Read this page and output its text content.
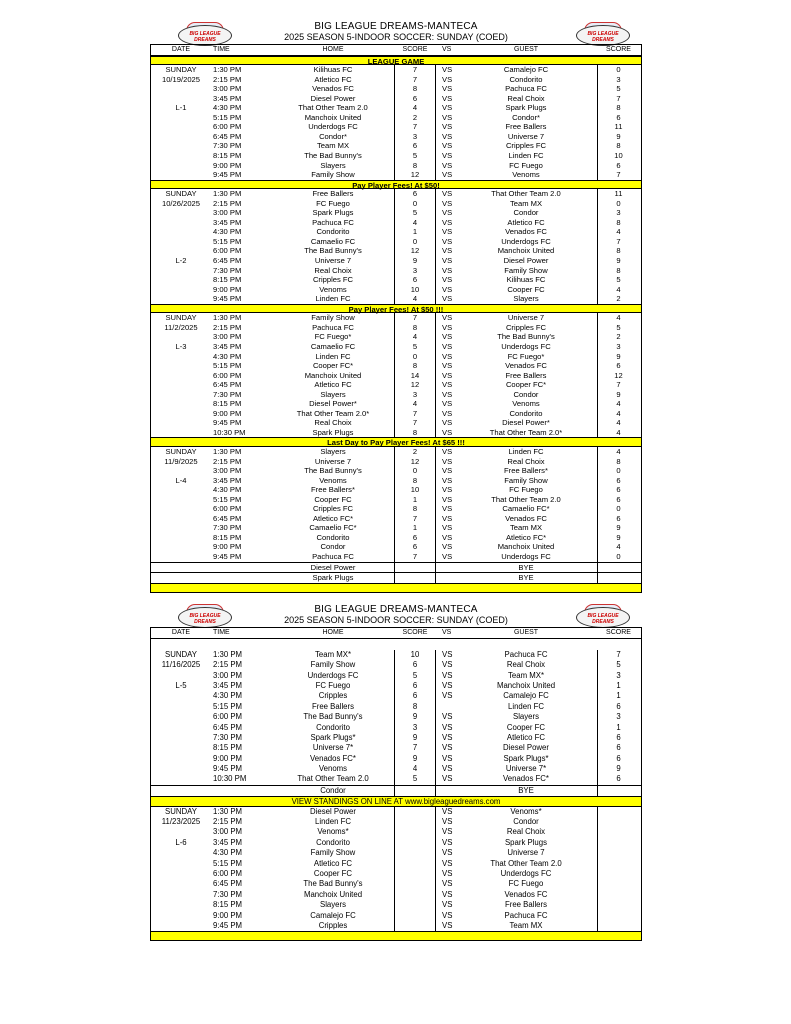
BIG LEAGUE DREAMS
BIG LEAGUE DREAMS
BIG LEAGUE DREAMS-MANTECA
2025 SEASON 5-INDOOR SOCCER: SUNDAY (COED)
DATE	TIME	HOME	SCORE	VS	GUEST	SCORE
LEAGUE GAME
SUNDAY	1:30 PM	Kilihuas FC	7	VS	Camalejo FC	0
10/19/2025	2:15 PM	Atletico FC	7	VS	Condorito	3
3:00 PM	Venados FC	8	VS	Pachuca FC	5
3:45 PM	Diesel Power	6	VS	Real Choix	7
L-1	4:30 PM	That Other Team 2.0	4	VS	Spark Plugs	8
5:15 PM	Manchoix United	2	VS	Condor*	6
6:00 PM	Underdogs FC	7	VS	Free Ballers	11
6:45 PM	Condor*	3	VS	Universe 7	9
7:30 PM	Team MX	6	VS	Cripples FC	8
8:15 PM	The Bad Bunny's	5	VS	Linden FC	10
9:00 PM	Slayers	8	VS	FC Fuego	6
9:45 PM	Family Show	12	VS	Venoms	7
Pay Player Fees! At $50!
SUNDAY	1:30 PM	Free Ballers	6	VS	That Other Team 2.0	11
10/26/2025	2:15 PM	FC Fuego	0	VS	Team MX	0
3:00 PM	Spark Plugs	5	VS	Condor	3
3:45 PM	Pachuca FC	4	VS	Atletico FC	8
4:30 PM	Condorito	1	VS	Venados FC	4
5:15 PM	Camaelio FC	0	VS	Underdogs FC	7
6:00 PM	The Bad Bunny's	12	VS	Manchoix United	8
L-2	6:45 PM	Universe 7	9	VS	Diesel Power	9
7:30 PM	Real Choix	3	VS	Family Show	8
8:15 PM	Cripples FC	6	VS	Kilihuas FC	5
9:00 PM	Venoms	10	VS	Cooper FC	4
9:45 PM	Linden FC	4	VS	Slayers	2
Pay Player Fees! At $50 !!!
SUNDAY	1:30 PM	Family Show	7	VS	Universe 7	4
11/2/2025	2:15 PM	Pachuca FC	8	VS	Cripples FC	5
3:00 PM	FC Fuego*	4	VS	The Bad Bunny's	2
L-3	3:45 PM	Camaelio FC	5	VS	Underdogs FC	3
4:30 PM	Linden FC	0	VS	FC Fuego*	9
5:15 PM	Cooper FC*	8	VS	Venados FC	6
6:00 PM	Manchoix United	14	VS	Free Ballers	12
6:45 PM	Atletico FC	12	VS	Cooper FC*	7
7:30 PM	Slayers	3	VS	Condor	9
8:15 PM	Diesel Power*	4	VS	Venoms	4
9:00 PM	That Other Team 2.0*	7	VS	Condorito	4
9:45 PM	Real Choix	7	VS	Diesel Power*	4
10:30 PM	Spark Plugs	8	VS	That Other Team 2.0*	4
Last Day to Pay Player Fees! At $65 !!!
SUNDAY	1:30 PM	Slayers	2	VS	Linden FC	4
11/9/2025	2:15 PM	Universe 7	12	VS	Real Choix	8
3:00 PM	The Bad Bunny's	0	VS	Free Ballers*	0
L-4	3:45 PM	Venoms	8	VS	Family Show	6
4:30 PM	Free Ballers*	10	VS	FC Fuego	6
5:15 PM	Cooper FC	1	VS	That Other Team 2.0	6
6:00 PM	Cripples FC	8	VS	Camaelio FC*	0
6:45 PM	Atletico FC*	7	VS	Venados FC	6
7:30 PM	Camaelio FC*	1	VS	Team MX	9
8:15 PM	Condorito	6	VS	Atletico FC*	9
9:00 PM	Condor	6	VS	Manchoix United	4
9:45 PM	Pachuca FC	7	VS	Underdogs FC	0
Diesel Power	BYE
Spark Plugs	BYE
BIG LEAGUE DREAMS
BIG LEAGUE DREAMS
BIG LEAGUE DREAMS-MANTECA
2025 SEASON 5-INDOOR SOCCER: SUNDAY (COED)
DATE	TIME	HOME	SCORE	VS	GUEST	SCORE
SUNDAY	1:30 PM	Team MX*	10	VS	Pachuca FC	7
11/16/2025	2:15 PM	Family Show	6	VS	Real Choix	5
3:00 PM	Underdogs FC	5	VS	Team MX*	3
L-5	3:45 PM	FC Fuego	6	VS	Manchoix United	1
4:30 PM	Cripples	6	VS	Camalejo FC	1
5:15 PM	Free Ballers	8	Linden FC	6
6:00 PM	The Bad Bunny's	9	VS	Slayers	3
6:45 PM	Condorito	3	VS	Cooper FC	1
7:30 PM	Spark Plugs*	9	VS	Atletico FC	6
8:15 PM	Universe 7*	7	VS	Diesel Power	6
9:00 PM	Venados FC*	9	VS	Spark Plugs*	6
9:45 PM	Venoms	4	VS	Universe 7*	9
10:30 PM	That Other Team 2.0	5	VS	Venados FC*	6
Condor	BYE
VIEW STANDINGS ON LINE AT www.bigleaguedreams.com
SUNDAY	1:30 PM	Diesel Power	VS	Venoms*
11/23/2025	2:15 PM	Linden FC	VS	Condor
3:00 PM	Venoms*	VS	Real Choix
L-6	3:45 PM	Condorito	VS	Spark Plugs
4:30 PM	Family Show	VS	Universe 7
5:15 PM	Atletico FC	VS	That Other Team 2.0
6:00 PM	Cooper FC	VS	Underdogs FC
6:45 PM	The Bad Bunny's	VS	FC Fuego
7:30 PM	Manchoix United	VS	Venados FC
8:15 PM	Slayers	VS	Free Ballers
9:00 PM	Camalejo FC	VS	Pachuca FC
9:45 PM	Cripples	VS	Team MX
